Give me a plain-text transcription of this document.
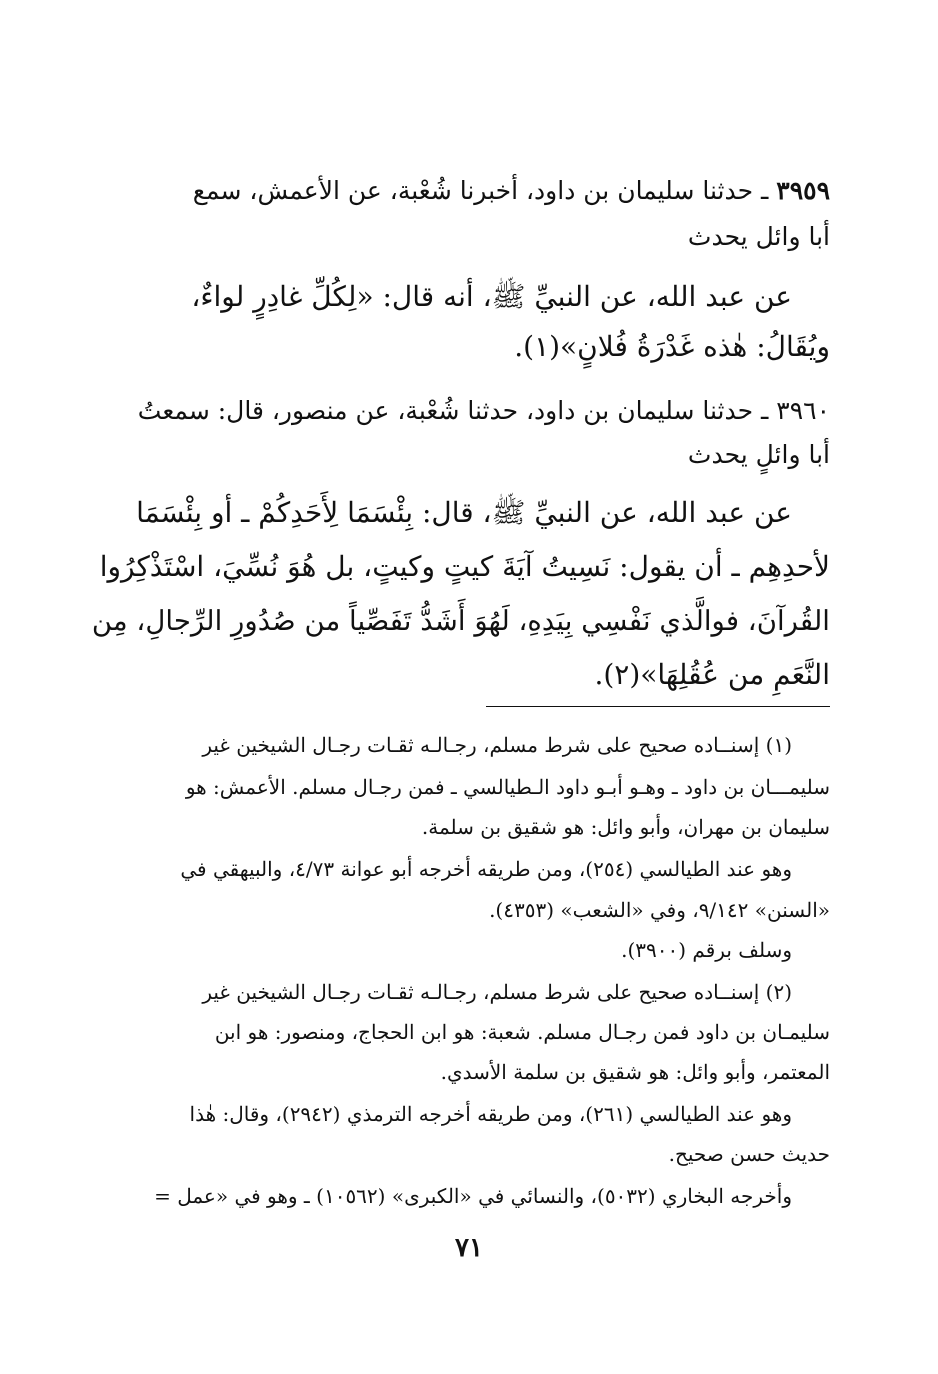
٣٩٥٩ ـ حدثنا سليمان بن داود، أخبرنا شُعْبة، عن الأعمش، سمع
أبا وائل يحدث
عن عبد الله، عن النبيِّ ﷺ، أنه قال: «لِكُلِّ غادِرٍ لواءٌ،
ويُقَالُ: هٰذه غَدْرَةُ فُلانٍ»(١).
٣٩٦٠ ـ حدثنا سليمان بن داود، حدثنا شُعْبة، عن منصور، قال: سمعتُ
أبا وائلٍ يحدث
عن عبد الله، عن النبيِّ ﷺ، قال: بِئْسَمَا لِأَحَدِكُمْ ـ أو بِئْسَمَا
لأحدِهِم ـ أن يقول: نَسِيتُ آيَةَ كيتٍ وكيتٍ، بل هُوَ نُسِّيَ، اسْتَذْكِرُوا
القُرآنَ، فوالَّذي نَفْسِي بِيَدِهِ، لَهُوَ أَشَدُّ تَفَصِّياً من صُدُورِ الرِّجالِ، مِن
النَّعَمِ من عُقُلِهَا»(٢).
(١) إسنــاده صحيح على شرط مسلم، رجـالـه ثقـات رجـال الشيخين غير
سليمـــان بن داود ـ وهـو أبـو داود الـطيالسي ـ فمن رجـال مسلم. الأعمش: هو
سليمان بن مهران، وأبو وائل: هو شقيق بن سلمة.
وهو عند الطيالسي (٢٥٤)، ومن طريقه أخرجه أبو عوانة ٤/٧٣، والبيهقي في
«السنن» ٩/١٤٢، وفي «الشعب» (٤٣٥٣).
وسلف برقم (٣٩٠٠).
(٢) إسنــاده صحيح على شرط مسلم، رجـالـه ثقـات رجـال الشيخين غير
سليمـان بن داود فمن رجـال مسلم. شعبة: هو ابن الحجاج، ومنصور: هو ابن
المعتمر، وأبو وائل: هو شقيق بن سلمة الأسدي.
وهو عند الطيالسي (٢٦١)، ومن طريقه أخرجه الترمذي (٢٩٤٢)، وقال: هٰذا
حديث حسن صحيح.
وأخرجه البخاري (٥٠٣٢)، والنسائي في «الكبرى» (١٠٥٦٢) ـ وهو في «عمل =
٧١
